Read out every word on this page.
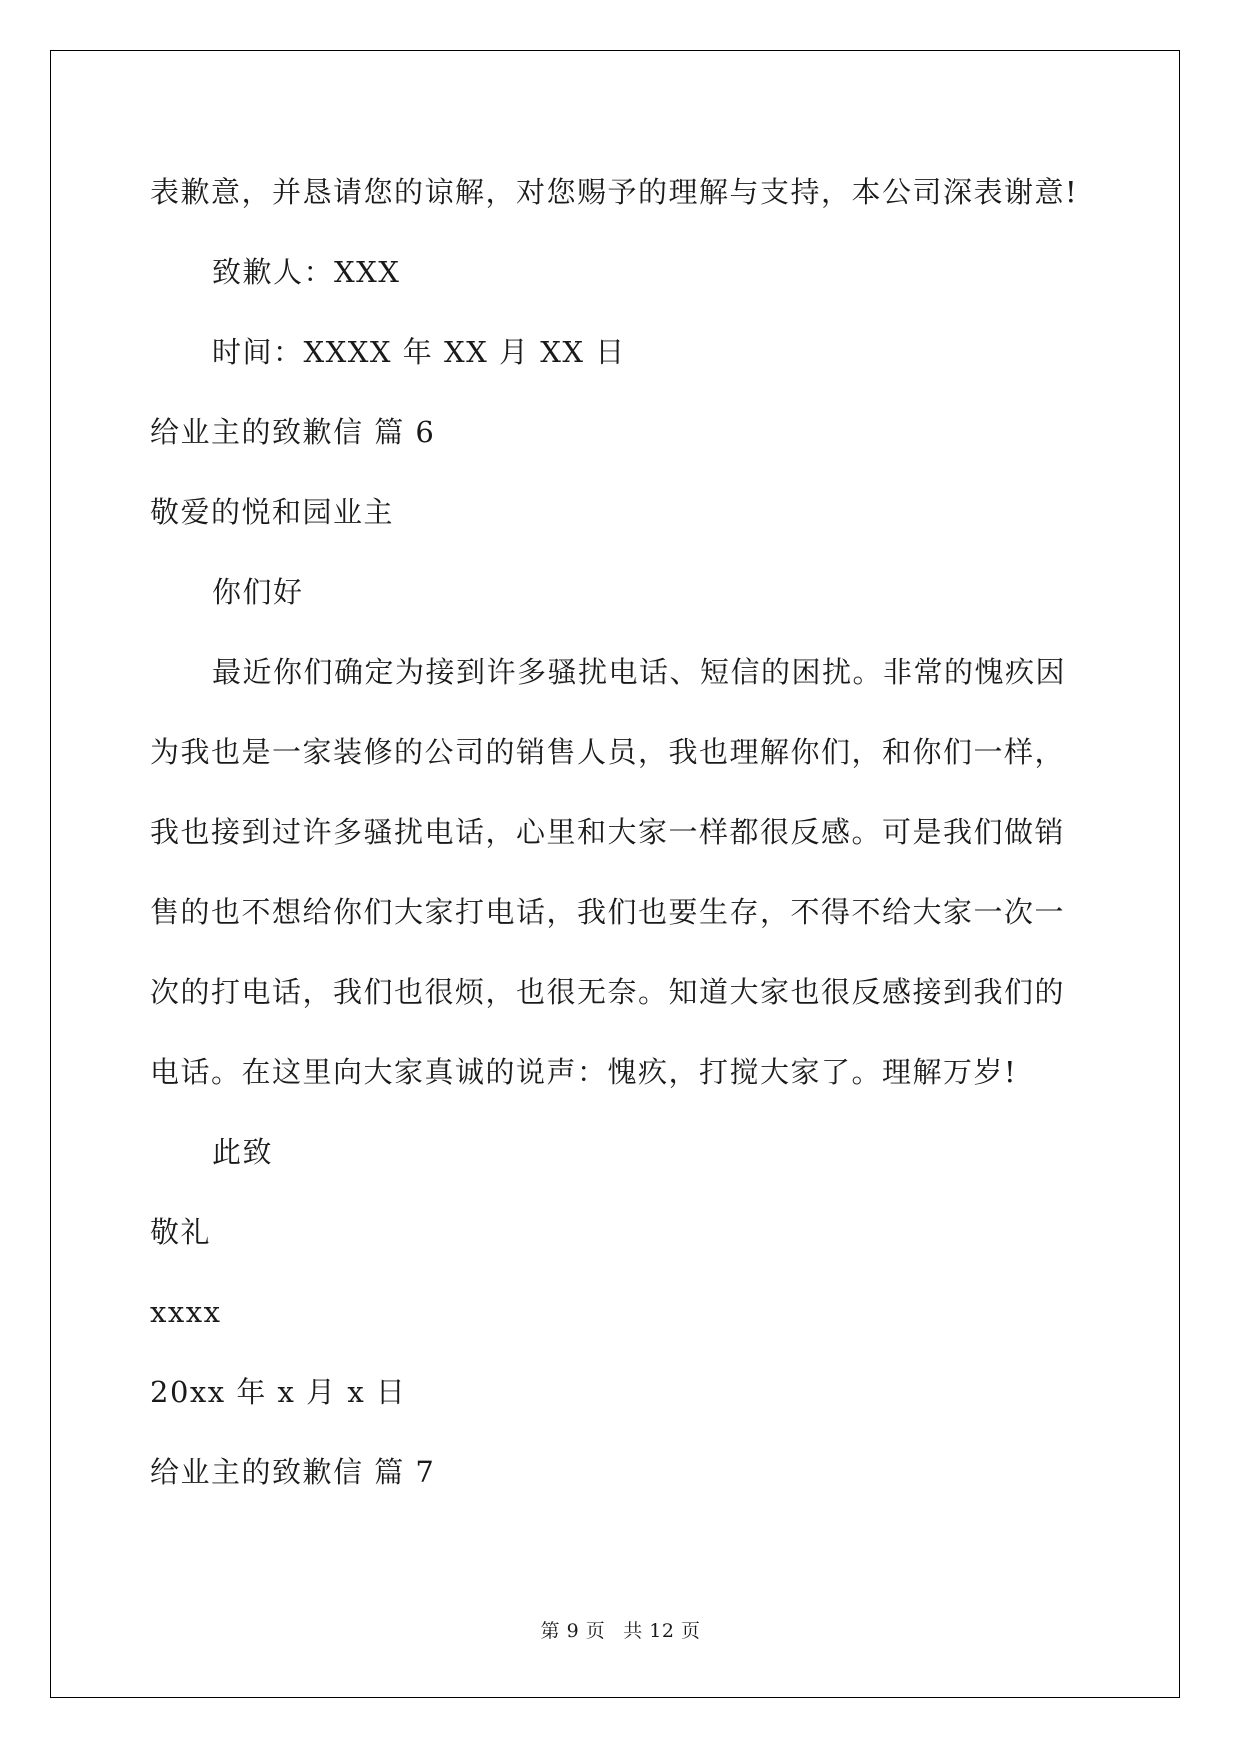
表歉意，并恳请您的谅解，对您赐予的理解与支持，本公司深表谢意!

致歉人：XXX

时间：XXXX 年 XX 月 XX 日

给业主的致歉信 篇 6

敬爱的悦和园业主

你们好

最近你们确定为接到许多骚扰电话、短信的困扰。非常的愧疚因

为我也是一家装修的公司的销售人员，我也理解你们，和你们一样，

我也接到过许多骚扰电话，心里和大家一样都很反感。可是我们做销

售的也不想给你们大家打电话，我们也要生存，不得不给大家一次一

次的打电话，我们也很烦，也很无奈。知道大家也很反感接到我们的

电话。在这里向大家真诚的说声：愧疚，打搅大家了。理解万岁!

此致

敬礼

xxxx

20xx 年 x 月 x 日

给业主的致歉信 篇 7

第 9 页 共 12 页
